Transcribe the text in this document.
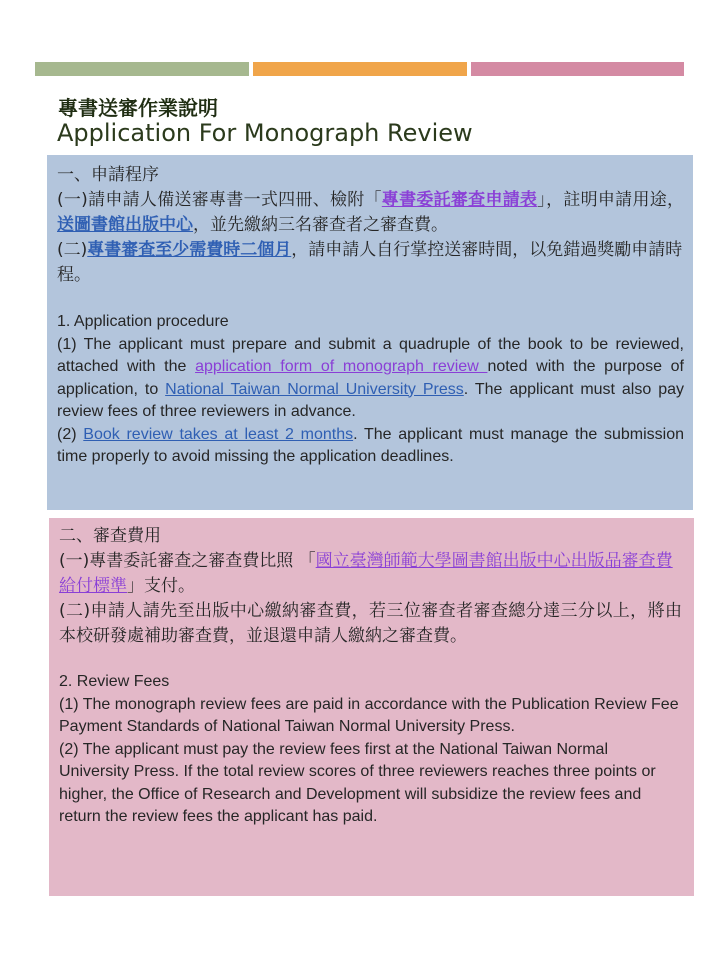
專書送審作業說明
Application For Monograph Review

一、申請程序

(一)請申請人備送審專書一式四冊、檢附「專書委託審查申請表」，註明申請用途，送圖書館出版中心，並先繳納三名審查者之審查費。

(二)專書審查至少需費時二個月，請申請人自行掌控送審時間，以免錯過獎勵申請時程。

1. Application procedure

(1) The applicant must prepare and submit a quadruple of the book to be reviewed, attached with the application form of monograph review noted with the purpose of application, to National Taiwan Normal University Press. The applicant must also pay review fees of three reviewers in advance.

(2) Book review takes at least 2 months. The applicant must manage the submission time properly to avoid missing the application deadlines.

二、審查費用

(一)專書委託審查之審查費比照 「國立臺灣師範大學圖書館出版中心出版品審查費給付標準」支付。

(二)申請人請先至出版中心繳納審查費，若三位審查者審查總分達三分以上，將由本校研發處補助審查費，並退還申請人繳納之審查費。

2. Review Fees

(1) The monograph review fees are paid in accordance with the Publication Review Fee Payment Standards of National Taiwan Normal University Press.

(2) The applicant must pay the review fees first at the National Taiwan Normal University Press. If the total review scores of three reviewers reaches three points or higher, the Office of Research and Development will subsidize the review fees and return the review fees the applicant has paid.
